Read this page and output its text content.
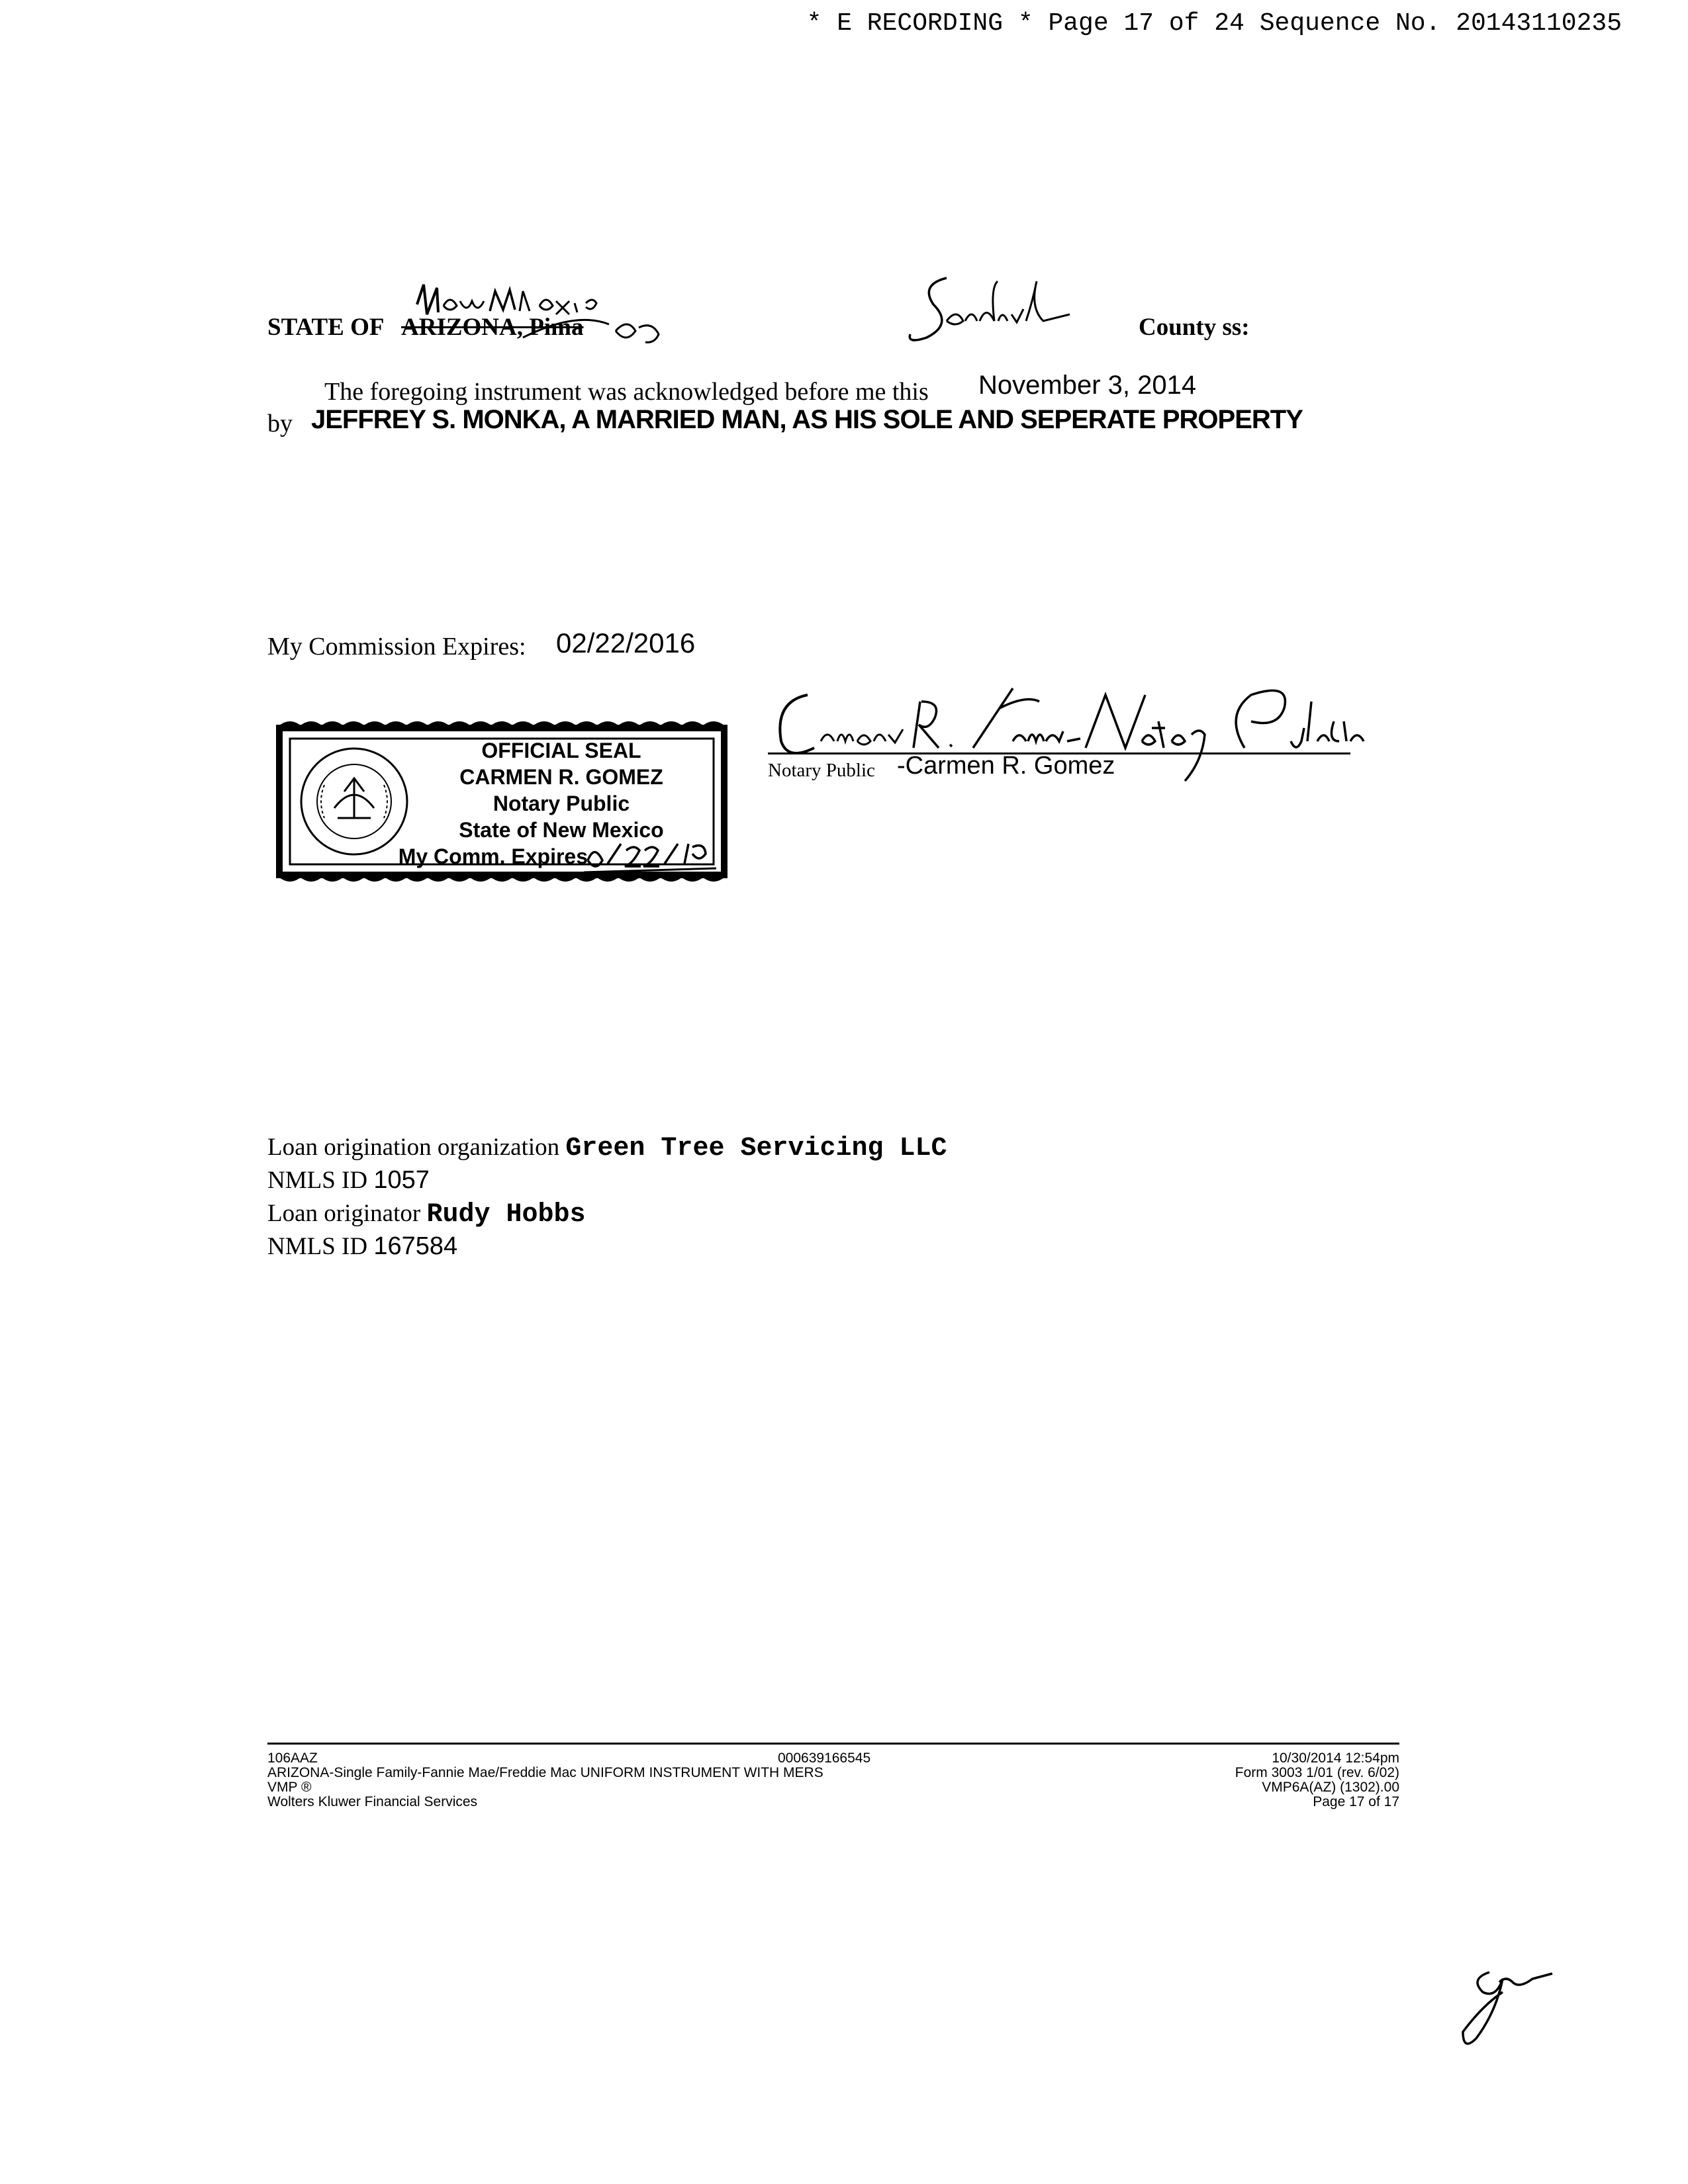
* E RECORDING * Page 17 of 24 Sequence No. 20143110235
STATE OF ARIZONA, Pima	County ss:
The foregoing instrument was acknowledged before me this November 3, 2014
by JEFFREY S. MONKA, A MARRIED MAN, AS HIS SOLE AND SEPERATE PROPERTY
My Commission Expires: 02/22/2016
OFFICIAL SEAL
CARMEN R. GOMEZ
Notary Public
State of New Mexico
My Comm. Expires
Notary Public -Carmen R. Gomez
Loan origination organization Green Tree Servicing LLC
NMLS ID 1057
Loan originator Rudy Hobbs
NMLS ID 167584
106AAZ
ARIZONA-Single Family-Fannie Mae/Freddie Mac UNIFORM INSTRUMENT WITH MERS
VMP ®
Wolters Kluwer Financial Services
000639166545	10/30/2014 12:54pm
Form 3003 1/01 (rev. 6/02)
VMP6A(AZ) (1302).00
Page 17 of 17
